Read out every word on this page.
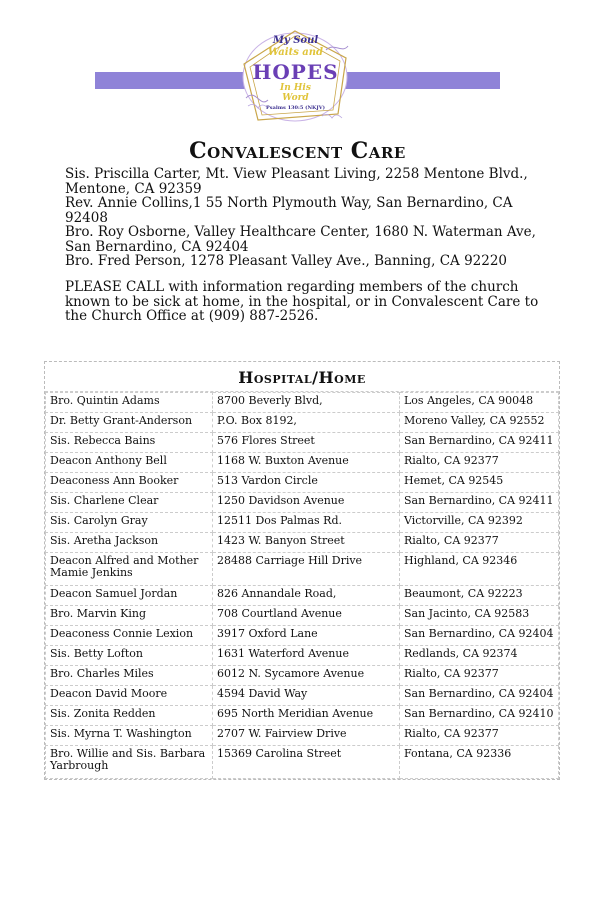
My Soul
Waits and
HOPES
In His
Word
Psalms 130:5 (NKJV)
Convalescent Care
Sis. Priscilla Carter, Mt. View Pleasant Living, 2258 Mentone Blvd., Mentone, CA 92359
Rev. Annie Collins,1 55 North Plymouth Way, San Bernardino, CA 92408
Bro. Roy Osborne, Valley Healthcare Center, 1680 N. Waterman Ave, San Bernardino, CA 92404
Bro. Fred Person, 1278 Pleasant Valley Ave., Banning, CA 92220
PLEASE CALL with information regarding members of the church known to be sick at home, in the hospital, or in Convalescent Care to the Church Office at (909) 887-2526.
Hospital/Home
Bro. Quintin Adams	8700 Beverly Blvd,	Los Angeles, CA 90048
Dr. Betty Grant-Anderson	P.O. Box 8192,	Moreno Valley, CA 92552
Sis. Rebecca Bains	576 Flores Street	San Bernardino, CA 92411
Deacon Anthony Bell	1168 W. Buxton Avenue	Rialto, CA 92377
Deaconess Ann Booker	513 Vardon Circle	Hemet, CA 92545
Sis. Charlene Clear	1250 Davidson Avenue	San Bernardino, CA 92411
Sis. Carolyn Gray	12511 Dos Palmas Rd.	Victorville, CA 92392
Sis. Aretha Jackson	1423 W. Banyon Street	Rialto, CA 92377
Deacon Alfred and Mother Mamie Jenkins	28488 Carriage Hill Drive	Highland, CA 92346
Deacon Samuel Jordan	826 Annandale Road,	Beaumont, CA 92223
Bro. Marvin King	708 Courtland Avenue	San Jacinto, CA 92583
Deaconess Connie Lexion	3917 Oxford Lane	San Bernardino, CA 92404
Sis. Betty Lofton	1631 Waterford Avenue	Redlands, CA 92374
Bro. Charles Miles	6012 N. Sycamore Avenue	Rialto, CA 92377
Deacon David Moore	4594 David Way	San Bernardino, CA 92404
Sis. Zonita Redden	695 North Meridian Avenue	San Bernardino, CA 92410
Sis. Myrna T. Washington	2707 W. Fairview Drive	Rialto, CA 92377
Bro. Willie and Sis. Barbara Yarbrough	15369 Carolina Street	Fontana, CA 92336
